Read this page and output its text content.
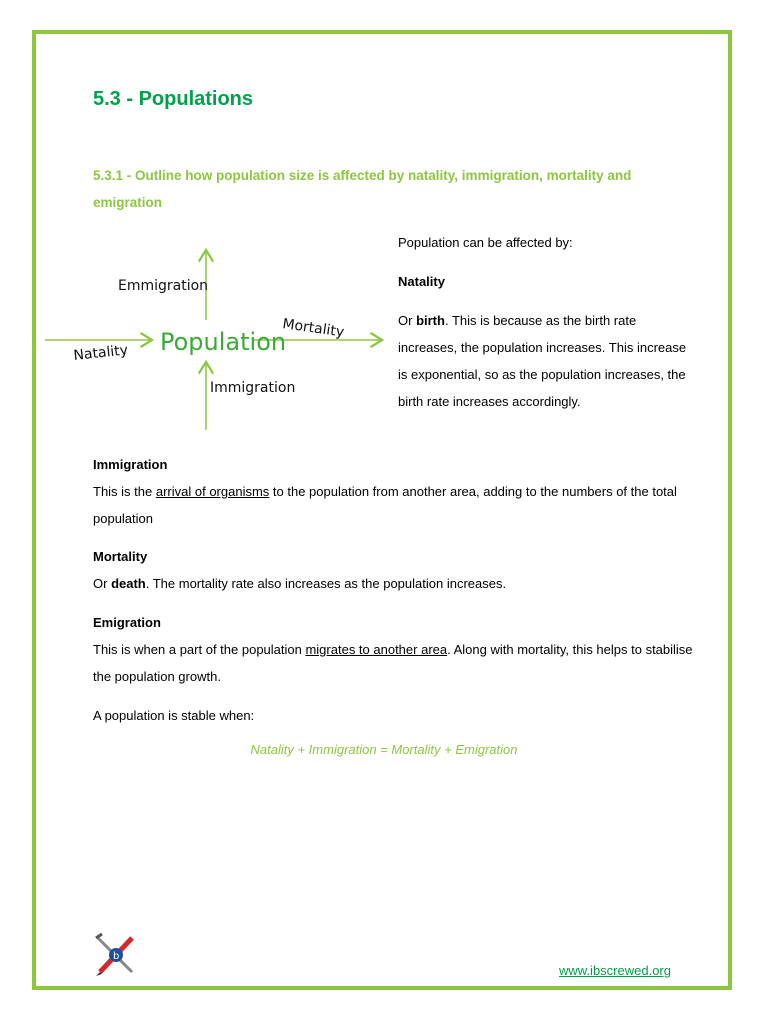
5.3 - Populations

5.3.1 - Outline how population size is affected by natality, immigration, mortality and emigration

Population
Emmigration
Mortality
Natality
Immigration

Population can be affected by:

Natality

Or birth. This is because as the birth rate increases, the population increases. This increase is exponential, so as the population increases, the birth rate increases accordingly.

Immigration

This is the arrival of organisms to the population from another area, adding to the numbers of the total population

Mortality

Or death. The mortality rate also increases as the population increases.

Emigration

This is when a part of the population migrates to another area. Along with mortality, this helps to stabilise the population growth.

A population is stable when:

Natality + Immigration = Mortality + Emigration

b
www.ibscrewed.org
